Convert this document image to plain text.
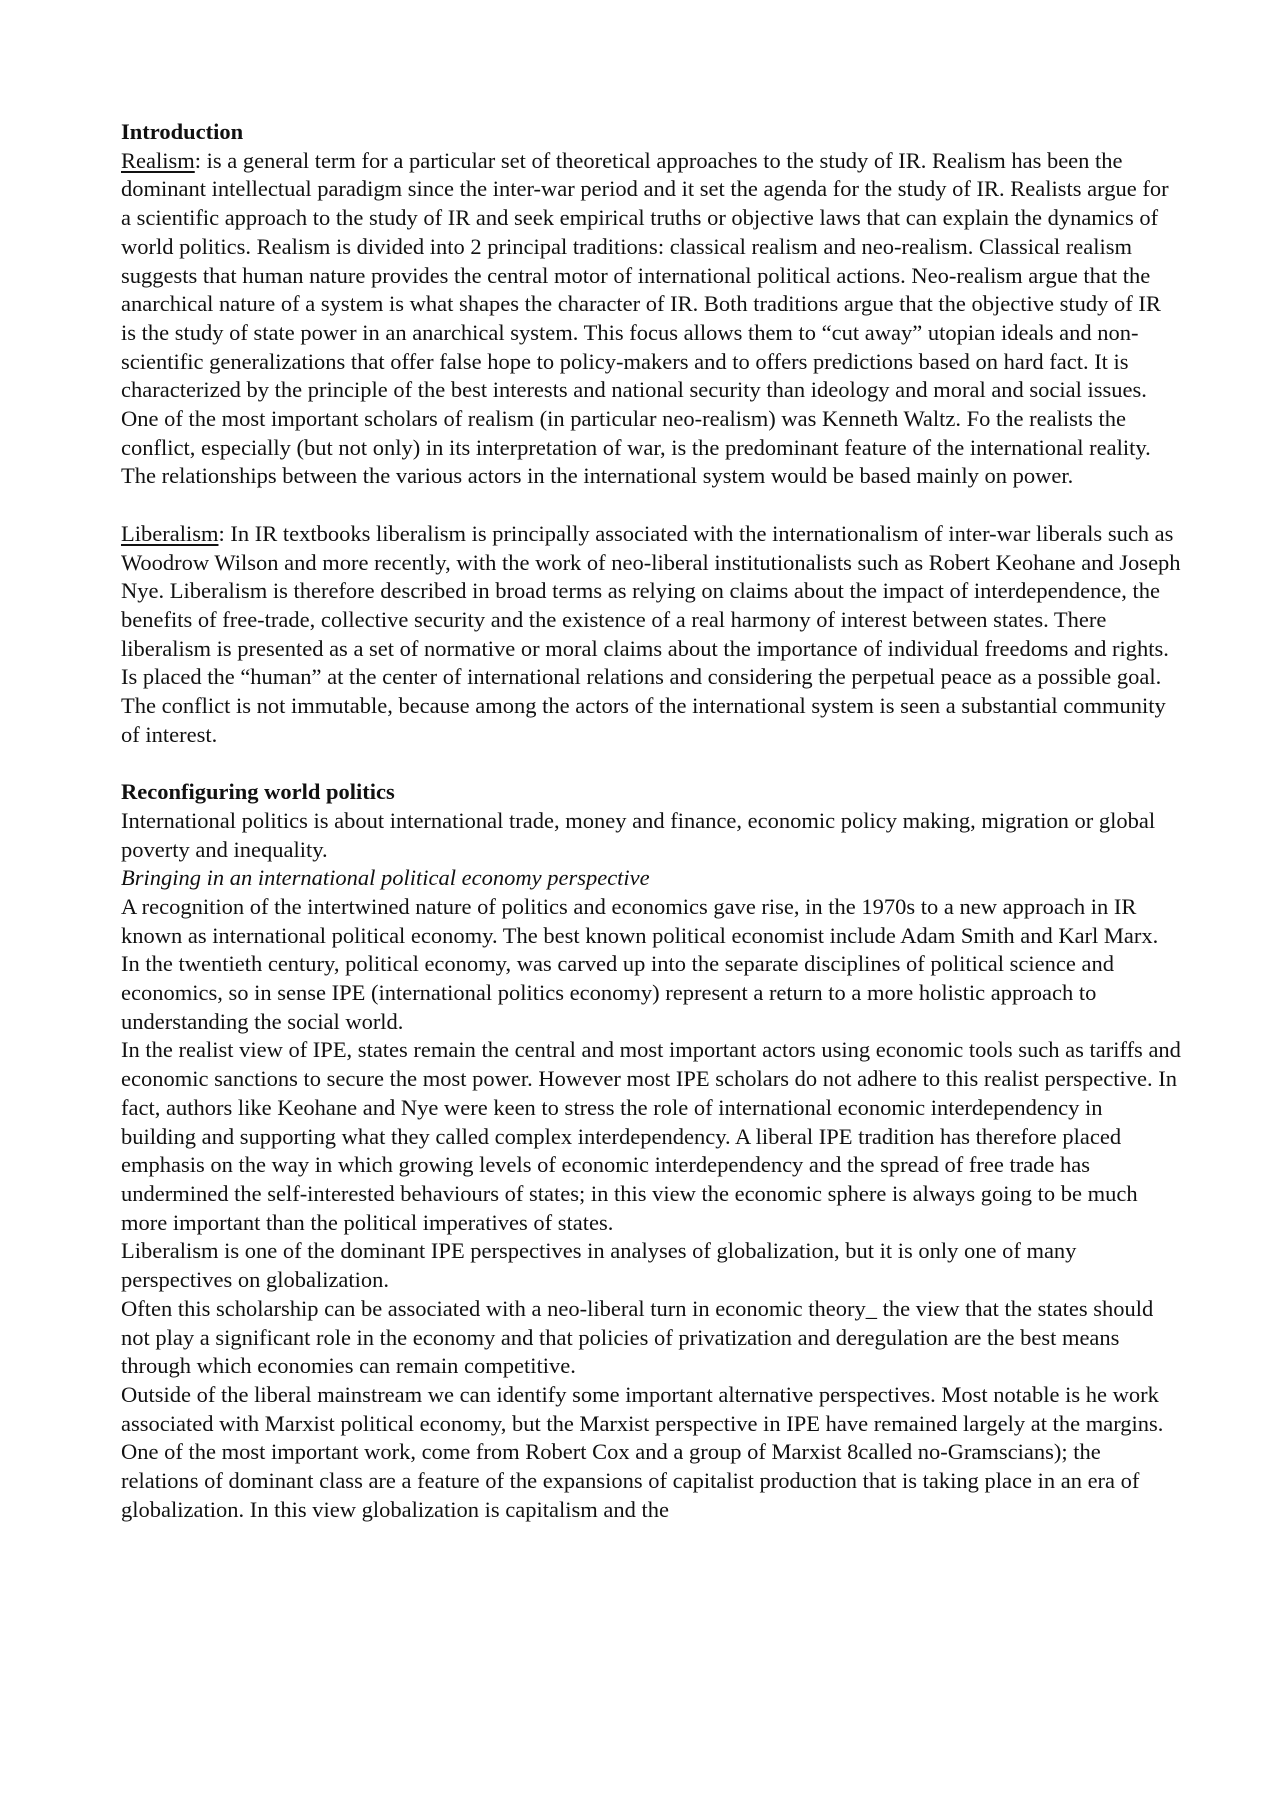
Introduction

Realism: is a general term for a particular set of theoretical approaches to the study of IR. Realism has been the dominant intellectual paradigm since the inter-war period and it set the agenda for the study of IR. Realists argue for a scientific approach to the study of IR and seek empirical truths or objective laws that can explain the dynamics of world politics. Realism is divided into 2 principal traditions: classical realism and neo-realism. Classical realism suggests that human nature provides the central motor of international political actions. Neo-realism argue that the anarchical nature of a system is what shapes the character of IR. Both traditions argue that the objective study of IR is the study of state power in an anarchical system. This focus allows them to “cut away” utopian ideals and non-scientific generalizations that offer false hope to policy-makers and to offers predictions based on hard fact. It is characterized by the principle of the best interests and national security than ideology and moral and social issues. One of the most important scholars of realism (in particular neo-realism) was Kenneth Waltz. Fo the realists the conflict, especially (but not only) in its interpretation of war, is the predominant feature of the international reality. The relationships between the various actors in the international system would be based mainly on power.

Liberalism: In IR textbooks liberalism is principally associated with the internationalism of inter-war liberals such as Woodrow Wilson and more recently, with the work of neo-liberal institutionalists such as Robert Keohane and Joseph Nye. Liberalism is therefore described in broad terms as relying on claims about the impact of interdependence, the benefits of free-trade, collective security and the existence of a real harmony of interest between states. There liberalism is presented as a set of normative or moral claims about the importance of individual freedoms and rights. Is placed the “human” at the center of international relations and considering the perpetual peace as a possible goal. The conflict is not immutable, because among the actors of the international system is seen a substantial community of interest.

Reconfiguring world politics

International politics is about international trade, money and finance, economic policy making, migration or global poverty and inequality.

Bringing in an international political economy perspective

A recognition of the intertwined nature of politics and economics gave rise, in the 1970s to a new approach in IR known as international political economy. The best known political economist include Adam Smith and Karl Marx. In the twentieth century, political economy, was carved up into the separate disciplines of political science and economics, so in sense IPE (international politics economy) represent a return to a more holistic approach to understanding the social world.

In the realist view of IPE, states remain the central and most important actors using economic tools such as tariffs and economic sanctions to secure the most power. However most IPE scholars do not adhere to this realist perspective. In fact, authors like Keohane and Nye were keen to stress the role of international economic interdependency in building and supporting what they called complex interdependency. A liberal IPE tradition has therefore placed emphasis on the way in which growing levels of economic interdependency and the spread of free trade has undermined the self-interested behaviours of states; in this view the economic sphere is always going to be much more important than the political imperatives of states.

Liberalism is one of the dominant IPE perspectives in analyses of globalization, but it is only one of many perspectives on globalization.

Often this scholarship can be associated with a neo-liberal turn in economic theory_ the view that the states should not play a significant role in the economy and that policies of privatization and deregulation are the best means through which economies can remain competitive.

Outside of the liberal mainstream we can identify some important alternative perspectives. Most notable is he work associated with Marxist political economy, but the Marxist perspective in IPE have remained largely at the margins.

One of the most important work, come from Robert Cox and a group of Marxist 8called no-Gramscians); the relations of dominant class are a feature of the expansions of capitalist production that is taking place in an era of globalization. In this view globalization is capitalism and the
